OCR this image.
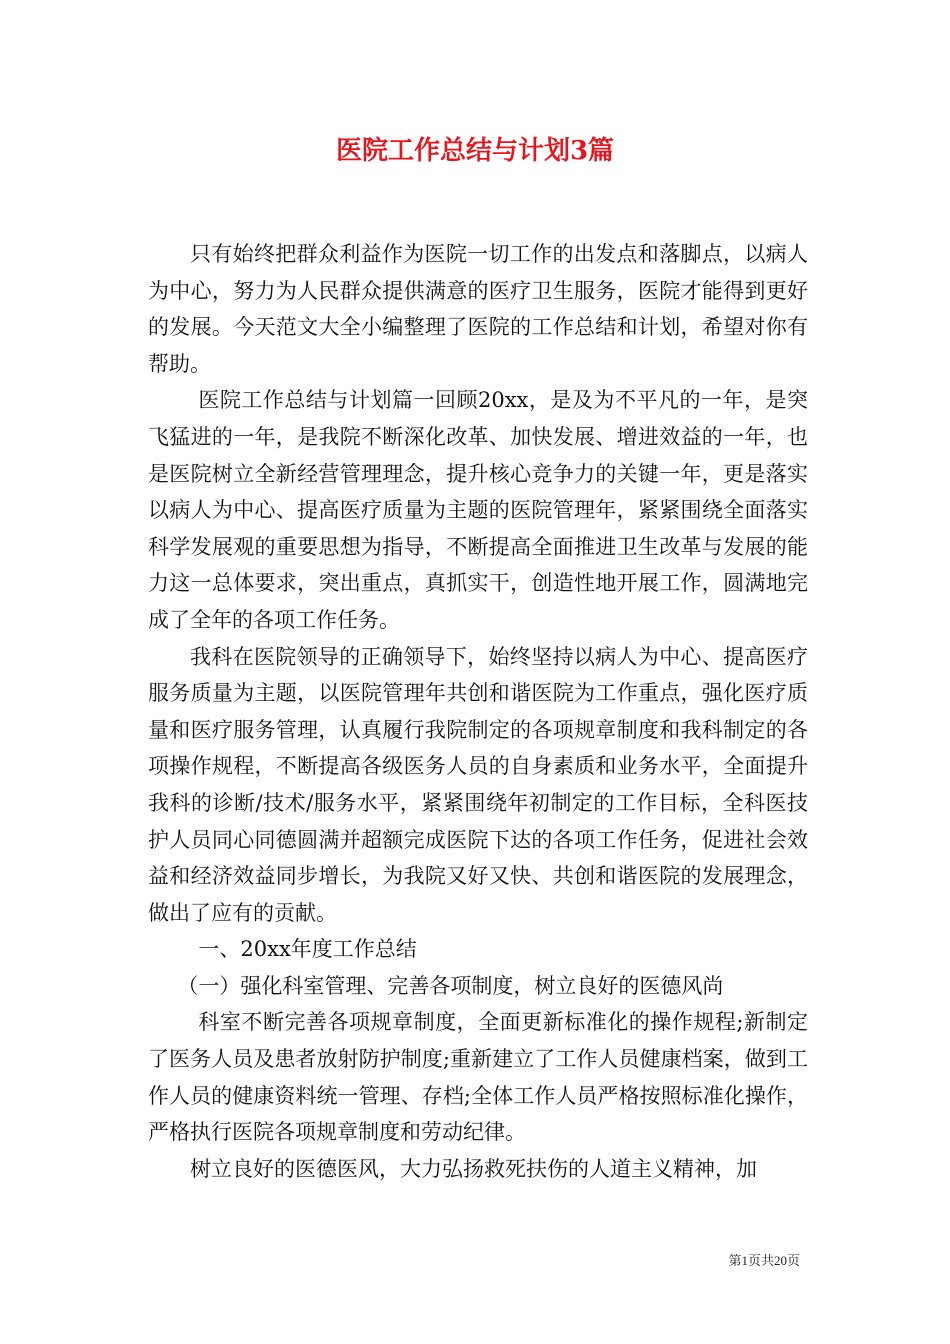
医院工作总结与计划3篇

只有始终把群众利益作为医院一切工作的出发点和落脚点，以病人为中心，努力为人民群众提供满意的医疗卫生服务，医院才能得到更好的发展。今天范文大全小编整理了医院的工作总结和计划，希望对你有帮助。

医院工作总结与计划篇一回顾20xx，是及为不平凡的一年，是突飞猛进的一年，是我院不断深化改革、加快发展、增进效益的一年，也是医院树立全新经营管理理念，提升核心竞争力的关键一年，更是落实以病人为中心、提高医疗质量为主题的医院管理年，紧紧围绕全面落实科学发展观的重要思想为指导，不断提高全面推进卫生改革与发展的能力这一总体要求，突出重点，真抓实干，创造性地开展工作，圆满地完成了全年的各项工作任务。

我科在医院领导的正确领导下，始终坚持以病人为中心、提高医疗服务质量为主题，以医院管理年共创和谐医院为工作重点，强化医疗质量和医疗服务管理，认真履行我院制定的各项规章制度和我科制定的各项操作规程，不断提高各级医务人员的自身素质和业务水平，全面提升我科的诊断/技术/服务水平，紧紧围绕年初制定的工作目标，全科医技护人员同心同德圆满并超额完成医院下达的各项工作任务，促进社会效益和经济效益同步增长，为我院又好又快、共创和谐医院的发展理念，做出了应有的贡献。

一、20xx年度工作总结

（一）强化科室管理、完善各项制度，树立良好的医德风尚

科室不断完善各项规章制度，全面更新标准化的操作规程;新制定了医务人员及患者放射防护制度;重新建立了工作人员健康档案，做到工作人员的健康资料统一管理、存档;全体工作人员严格按照标准化操作，严格执行医院各项规章制度和劳动纪律。

树立良好的医德医风，大力弘扬救死扶伤的人道主义精神，加

第1页共20页
